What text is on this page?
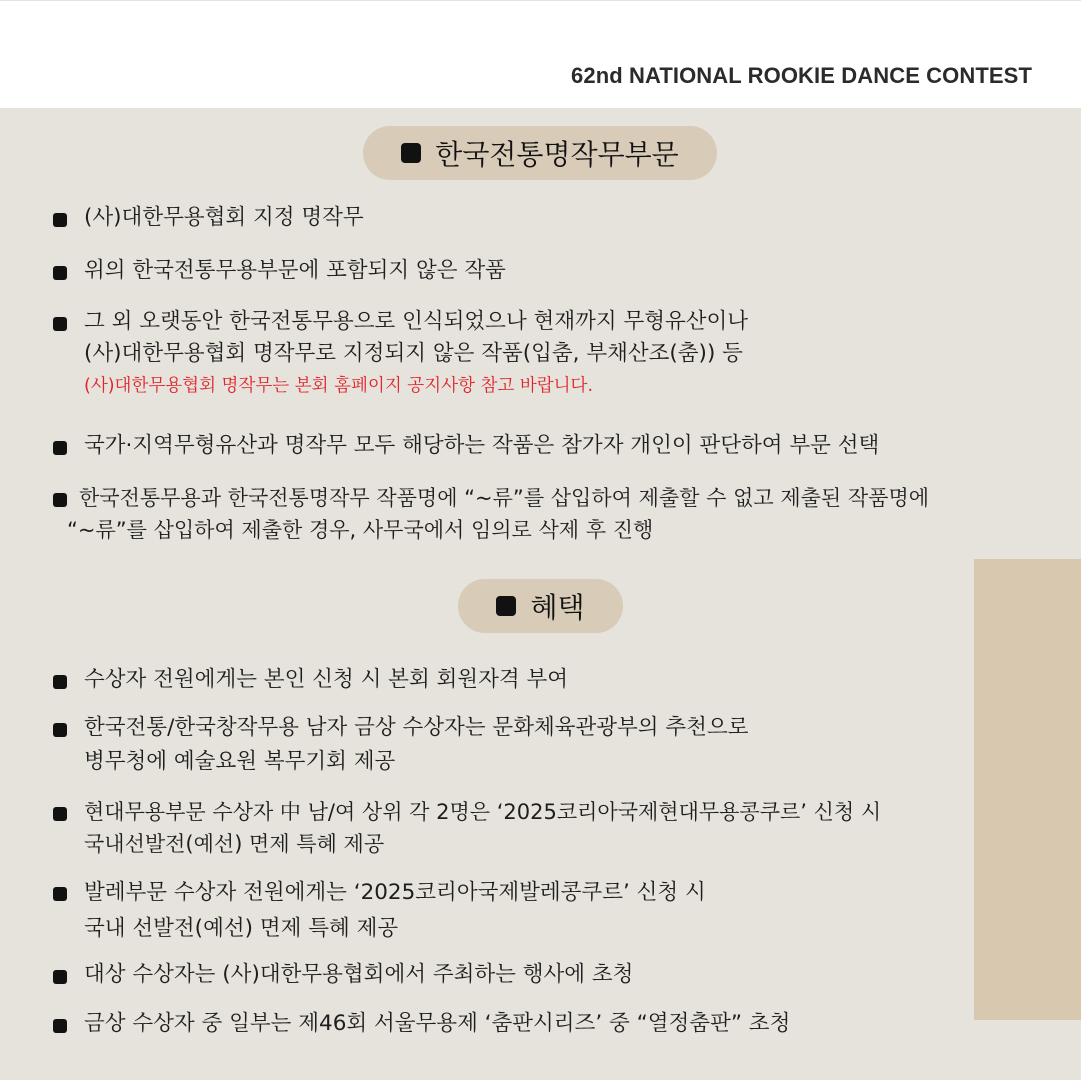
62nd NATIONAL ROOKIE DANCE CONTEST
한국전통명작무부문
(사)대한무용협회 지정 명작무
위의 한국전통무용부문에 포함되지 않은 작품
그 외 오랫동안 한국전통무용으로 인식되었으나 현재까지 무형유산이나
(사)대한무용협회 명작무로 지정되지 않은 작품(입춤, 부채산조(춤)) 등
(사)대한무용협회 명작무는 본회 홈페이지 공지사항 참고 바랍니다.
국가·지역무형유산과 명작무 모두 해당하는 작품은 참가자 개인이 판단하여 부문 선택
한국전통무용과 한국전통명작무 작품명에 “~류”를 삽입하여 제출할 수 없고 제출된 작품명에
“~류”를 삽입하여 제출한 경우, 사무국에서 임의로 삭제 후 진행
혜택
수상자 전원에게는 본인 신청 시 본회 회원자격 부여
한국전통/한국창작무용 남자 금상 수상자는 문화체육관광부의 추천으로
병무청에 예술요원 복무기회 제공
현대무용부문 수상자 中 남/여 상위 각 2명은 ‘2025코리아국제현대무용콩쿠르’ 신청 시
국내선발전(예선) 면제 특혜 제공
발레부문 수상자 전원에게는 ‘2025코리아국제발레콩쿠르’ 신청 시
국내 선발전(예선) 면제 특혜 제공
대상 수상자는 (사)대한무용협회에서 주최하는 행사에 초청
금상 수상자 중 일부는 제46회 서울무용제 ‘춤판시리즈’ 중 “열정춤판” 초청
